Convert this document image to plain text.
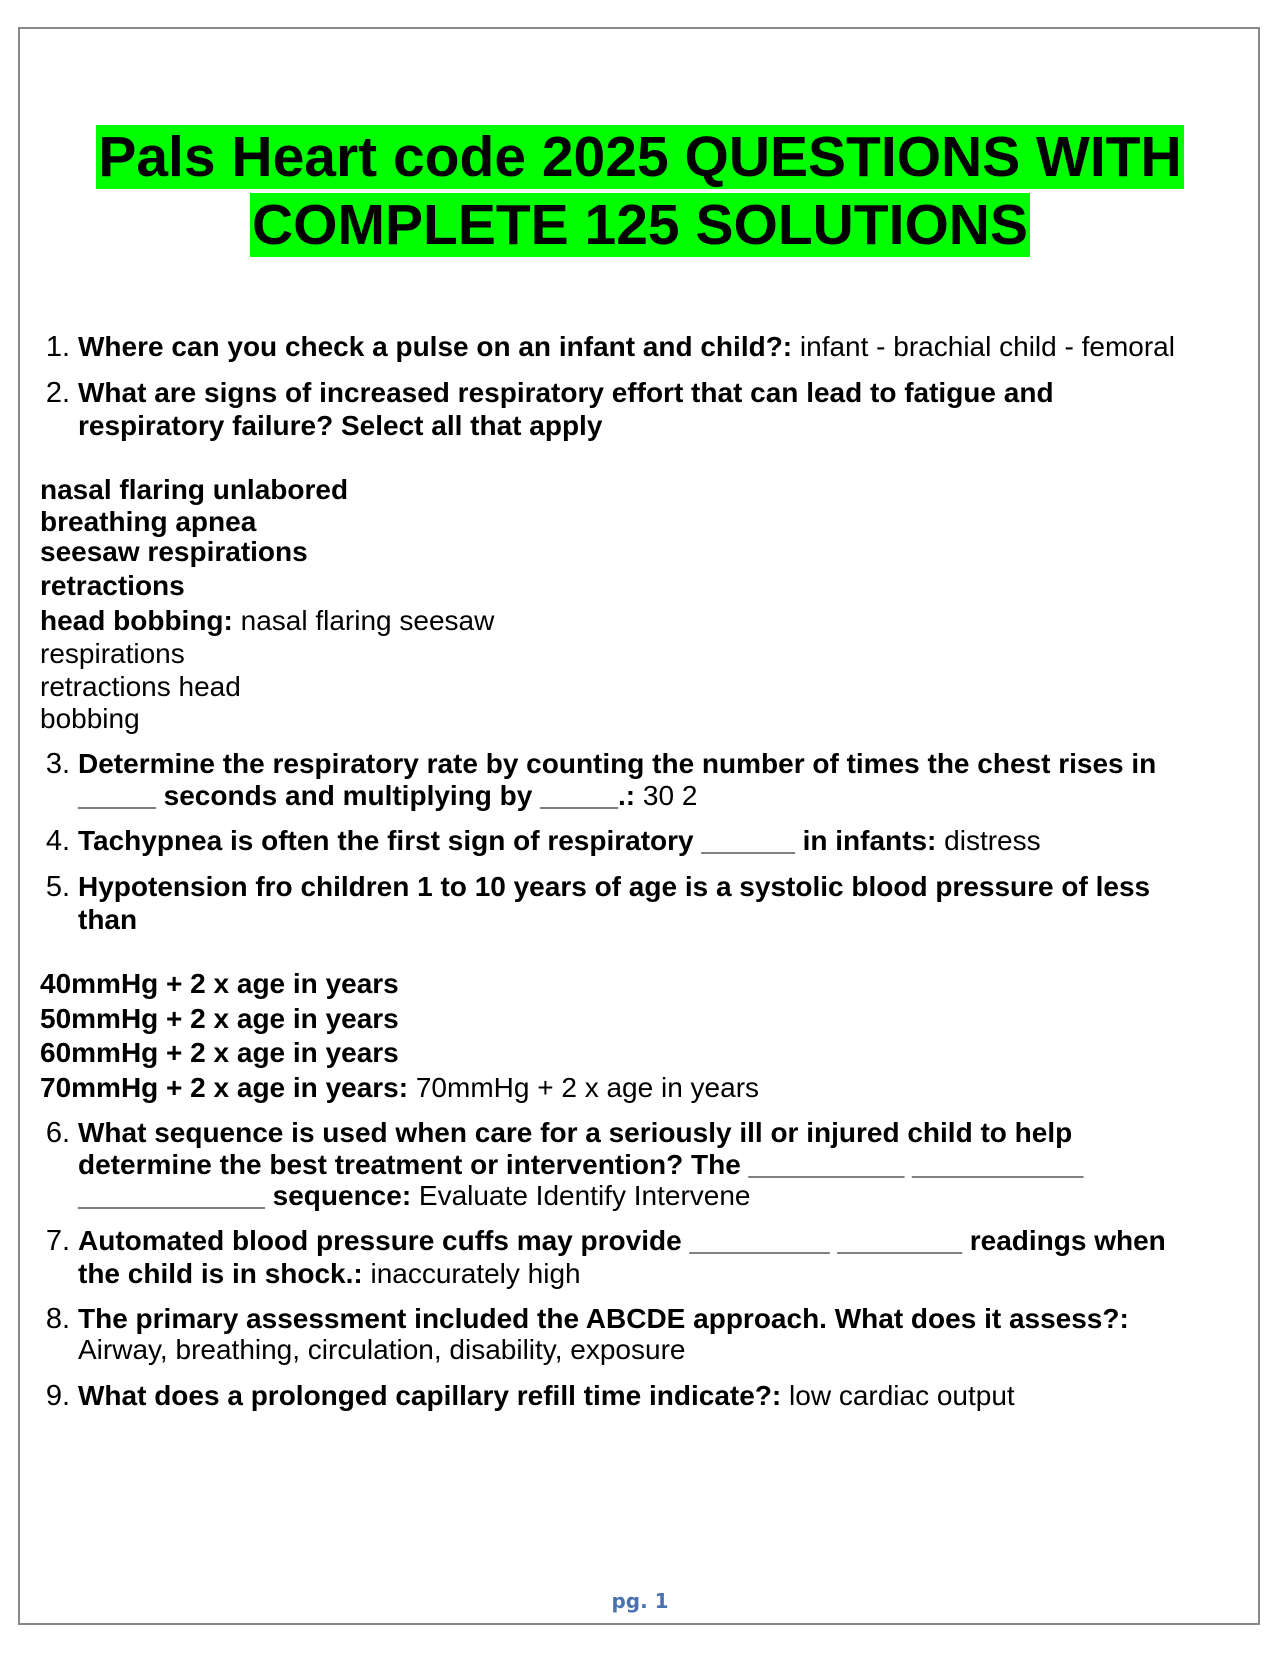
Pals Heart code 2025 QUESTIONS WITH
COMPLETE 125 SOLUTIONS
1. Where can you check a pulse on an infant and child?: infant - brachial child - femoral
2. What are signs of increased respiratory effort that can lead to fatigue and
respiratory failure? Select all that apply
nasal flaring unlabored
breathing apnea
seesaw respirations
retractions
head bobbing: nasal flaring seesaw
respirations
retractions head
bobbing
3. Determine the respiratory rate by counting the number of times the chest rises in
_____ seconds and multiplying by _____.: 30 2
4. Tachypnea is often the first sign of respiratory ______ in infants: distress
5. Hypotension fro children 1 to 10 years of age is a systolic blood pressure of less
than
40mmHg + 2 x age in years
50mmHg + 2 x age in years
60mmHg + 2 x age in years
70mmHg + 2 x age in years: 70mmHg + 2 x age in years
6. What sequence is used when care for a seriously ill or injured child to help
determine the best treatment or intervention? The __________ ___________
____________ sequence: Evaluate Identify Intervene
7. Automated blood pressure cuffs may provide _________ ________ readings when
the child is in shock.: inaccurately high
8. The primary assessment included the ABCDE approach. What does it assess?:
Airway, breathing, circulation, disability, exposure
9. What does a prolonged capillary refill time indicate?: low cardiac output
pg. 1
